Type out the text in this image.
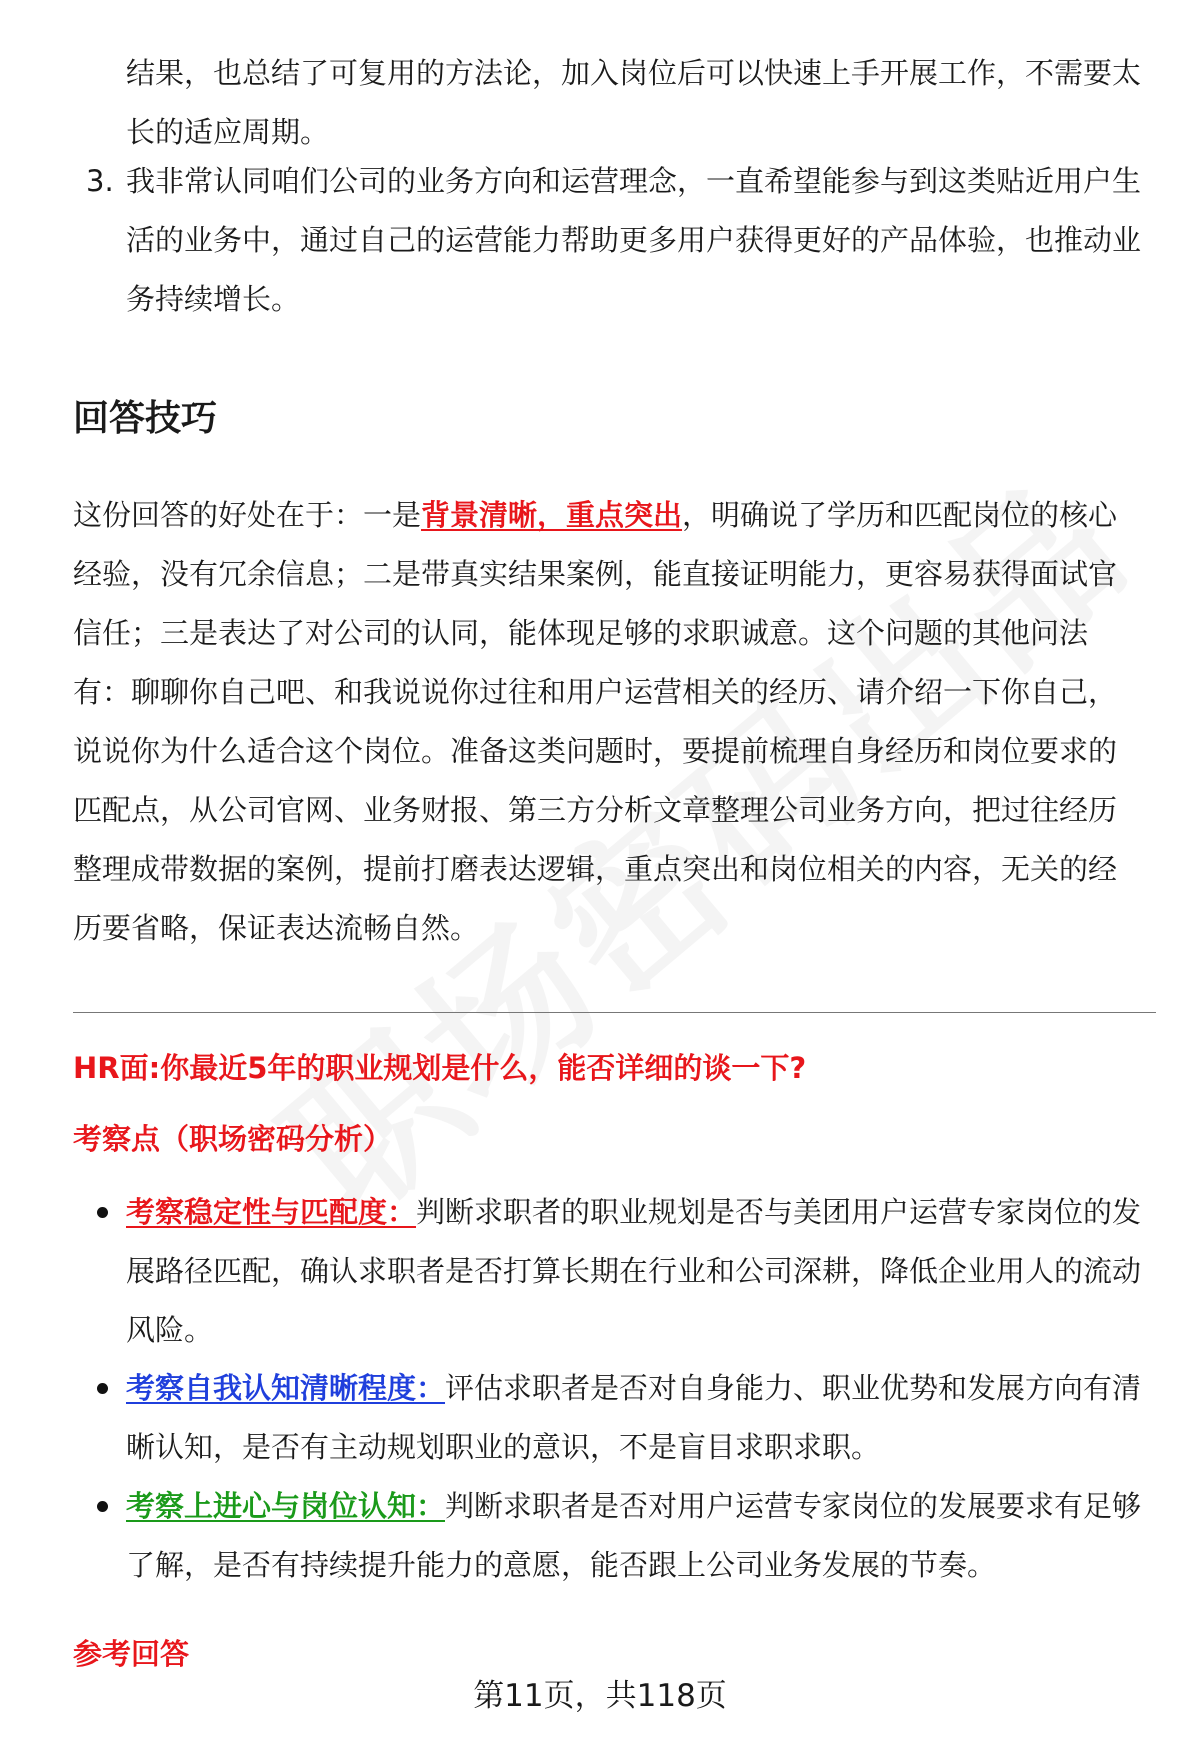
结果，也总结了可复用的方法论，加入岗位后可以快速上手开展工作，不需要太长的适应周期。

3. 我非常认同咱们公司的业务方向和运营理念，一直希望能参与到这类贴近用户生活的业务中，通过自己的运营能力帮助更多用户获得更好的产品体验，也推动业务持续增长。

回答技巧

这份回答的好处在于：一是背景清晰，重点突出，明确说了学历和匹配岗位的核心经验，没有冗余信息；二是带真实结果案例，能直接证明能力，更容易获得面试官信任；三是表达了对公司的认同，能体现足够的求职诚意。这个问题的其他问法有：聊聊你自己吧、和我说说你过往和用户运营相关的经历、请介绍一下你自己，说说你为什么适合这个岗位。准备这类问题时，要提前梳理自身经历和岗位要求的匹配点，从公司官网、业务财报、第三方分析文章整理公司业务方向，把过往经历整理成带数据的案例，提前打磨表达逻辑，重点突出和岗位相关的内容，无关的经历要省略，保证表达流畅自然。

HR面:你最近5年的职业规划是什么，能否详细的谈一下?

考察点（职场密码分析）

考察稳定性与匹配度：判断求职者的职业规划是否与美团用户运营专家岗位的发展路径匹配，确认求职者是否打算长期在行业和公司深耕，降低企业用人的流动风险。

考察自我认知清晰程度：评估求职者是否对自身能力、职业优势和发展方向有清晰认知，是否有主动规划职业的意识，不是盲目求职求职。

考察上进心与岗位认知：判断求职者是否对用户运营专家岗位的发展要求有足够了解，是否有持续提升能力的意愿，能否跟上公司业务发展的节奏。

参考回答

第11页，共118页
